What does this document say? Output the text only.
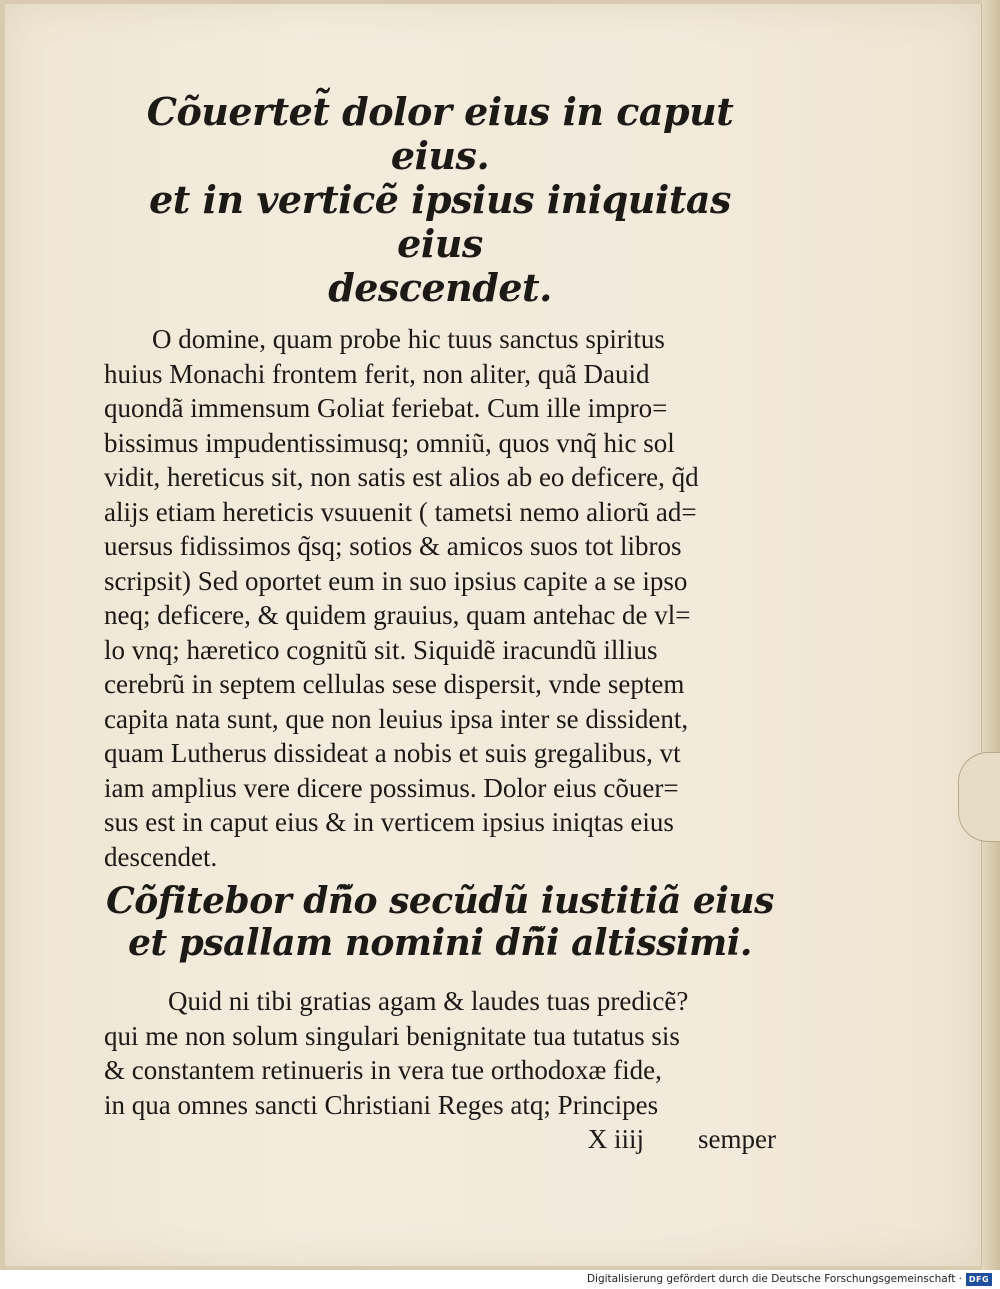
Cõuertet̃ dolor eius in caput eius.
et in verticẽ ipsius iniquitas eius
descendet.
O domine, quam probe hic tuus sanctus spiritus
huius Monachi frontem ferit, non aliter, quã Dauid
quondã immensum Goliat feriebat. Cum ille impro=
bissimus impudentissimusq; omniũ, quos vnq̃ hic sol
vidit, hereticus sit, non satis est alios ab eo deficere, q̃d
alijs etiam hereticis vsuuenit ( tametsi nemo aliorũ ad=
uersus fidissimos q̃sq; sotios & amicos suos tot libros
scripsit) Sed oportet eum in suo ipsius capite a se ipso
neq; deficere, & quidem grauius, quam antehac de vl=
lo vnq; hæretico cognitũ sit. Siquidẽ iracundũ illius
cerebrũ in septem cellulas sese dispersit, vnde septem
capita nata sunt, que non leuius ipsa inter se dissident,
quam Lutherus dissideat a nobis et suis gregalibus, vt
iam amplius vere dicere possimus. Dolor eius cõuer=
sus est in caput eius & in verticem ipsius iniqtas eius
descendet.
Cõfitebor dñ̃o secũdũ iustitiã eius
et psallam nomini dñ̃i altissimi.
Quid ni tibi gratias agam & laudes tuas predicẽ?
qui me non solum singulari benignitate tua tutatus sis
& constantem retinueris in vera tue orthodoxæ fide,
in qua omnes sancti Christiani Reges atq; Principes
X iiij semper
Digitalisierung gefördert durch die Deutsche Forschungsgemeinschaft · DFG
